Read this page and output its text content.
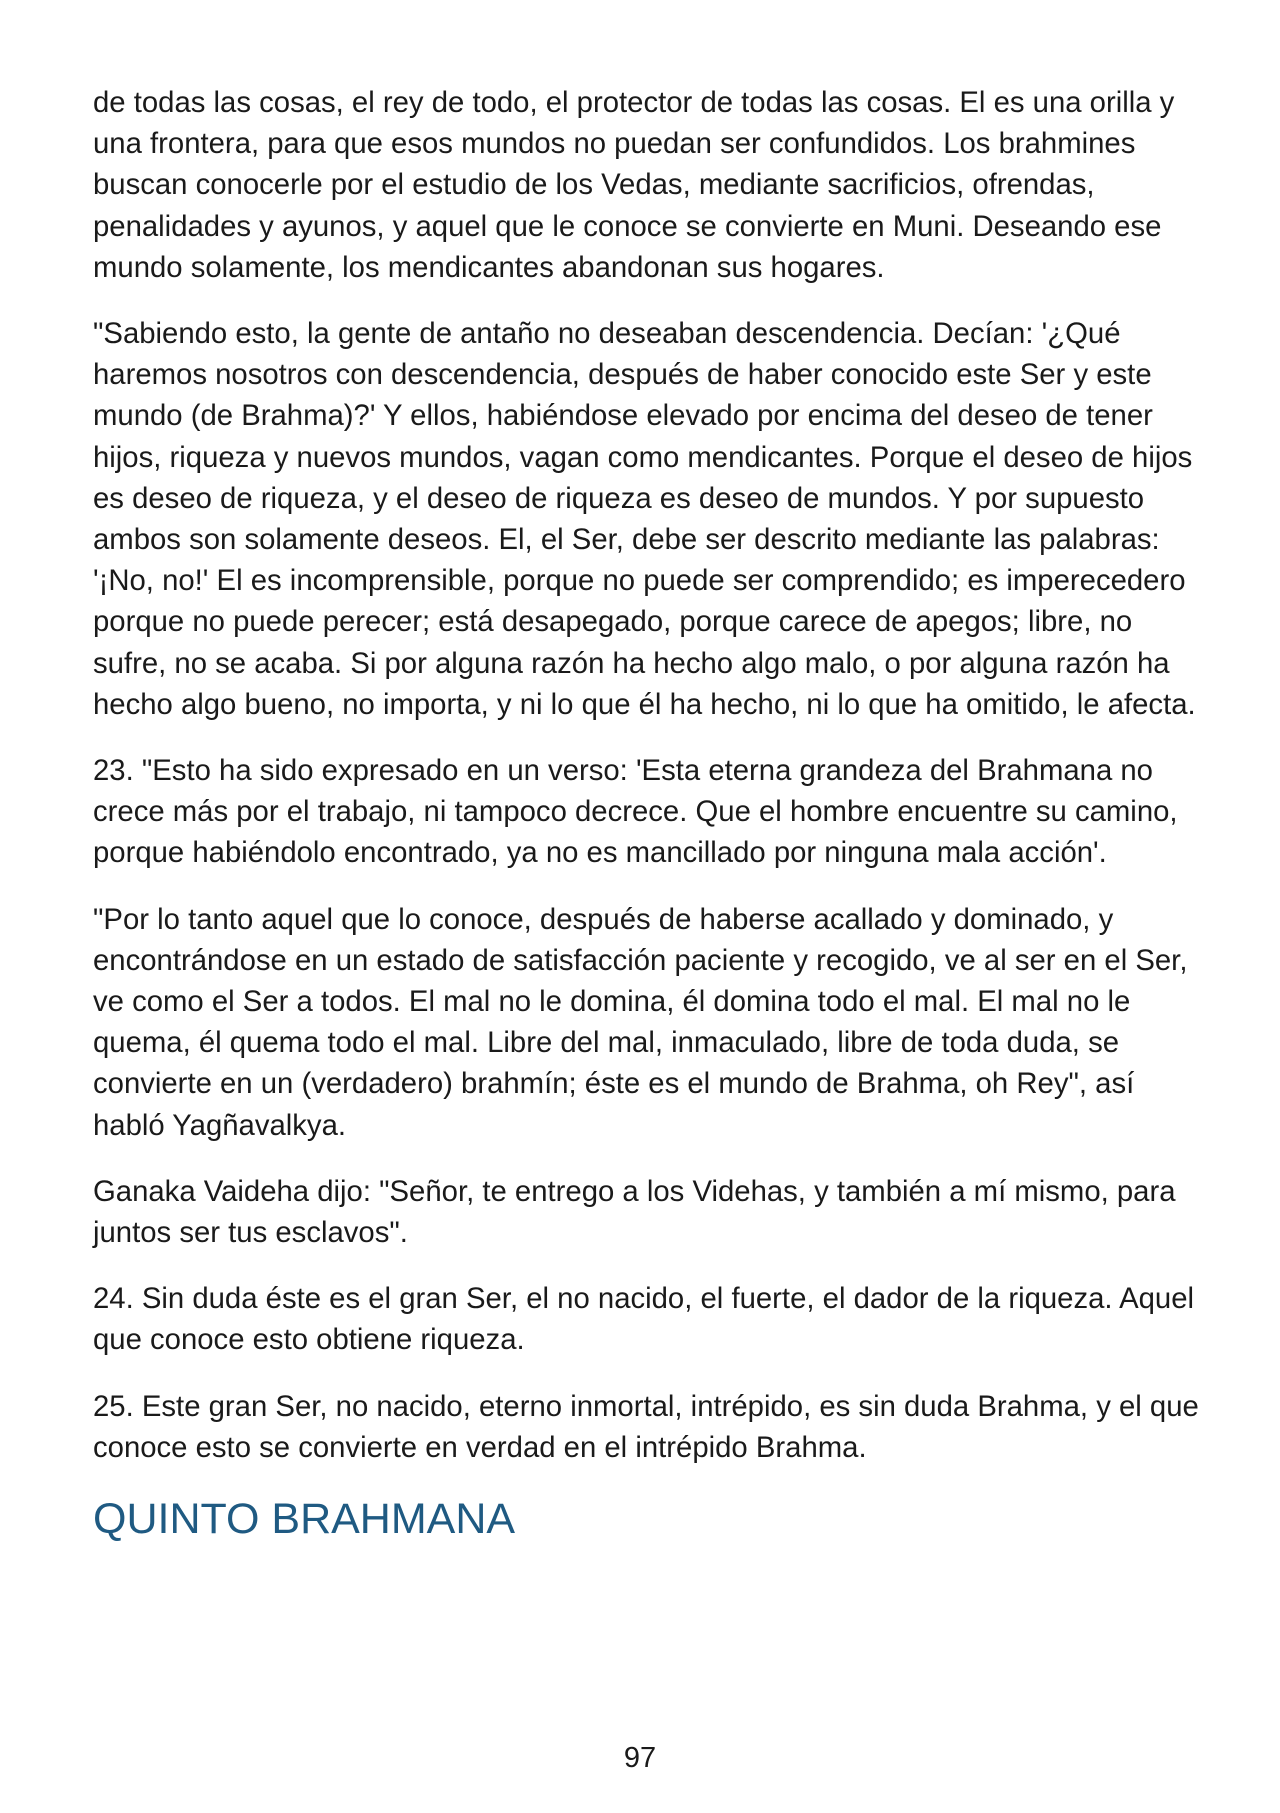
de todas las cosas, el rey de todo, el protector de todas las cosas. El es una orilla y una frontera, para que esos mundos no puedan ser confundidos. Los brahmines buscan conocerle por el estudio de los Vedas, mediante sacrificios, ofrendas, penalidades y ayunos, y aquel que le conoce se convierte en Muni. Deseando ese mundo solamente, los mendicantes abandonan sus hogares.

"Sabiendo esto, la gente de antaño no deseaban descendencia. Decían: '¿Qué haremos nosotros con descendencia, después de haber conocido este Ser y este mundo (de Brahma)?' Y ellos, habiéndose elevado por encima del deseo de tener hijos, riqueza y nuevos mundos, vagan como mendicantes. Porque el deseo de hijos es deseo de riqueza, y el deseo de riqueza es deseo de mundos. Y por supuesto ambos son solamente deseos. El, el Ser, debe ser descrito mediante las palabras: '¡No, no!' El es incomprensible, porque no puede ser comprendido; es imperecedero porque no puede perecer; está desapegado, porque carece de apegos; libre, no sufre, no se acaba. Si por alguna razón ha hecho algo malo, o por alguna razón ha hecho algo bueno, no importa, y ni lo que él ha hecho, ni lo que ha omitido, le afecta.

23. "Esto ha sido expresado en un verso: 'Esta eterna grandeza del Brahmana no crece más por el trabajo, ni tampoco decrece. Que el hombre encuentre su camino, porque habiéndolo encontrado, ya no es mancillado por ninguna mala acción'.

"Por lo tanto aquel que lo conoce, después de haberse acallado y dominado, y encontrándose en un estado de satisfacción paciente y recogido, ve al ser en el Ser, ve como el Ser a todos. El mal no le domina, él domina todo el mal. El mal no le quema, él quema todo el mal. Libre del mal, inmaculado, libre de toda duda, se convierte en un (verdadero) brahmín; éste es el mundo de Brahma, oh Rey", así habló Yagñavalkya.

Ganaka Vaideha dijo: "Señor, te entrego a los Videhas, y también a mí mismo, para juntos ser tus esclavos".

24. Sin duda éste es el gran Ser, el no nacido, el fuerte, el dador de la riqueza. Aquel que conoce esto obtiene riqueza.

25. Este gran Ser, no nacido, eterno inmortal, intrépido, es sin duda Brahma, y el que conoce esto se convierte en verdad en el intrépido Brahma.

QUINTO BRAHMANA
97
